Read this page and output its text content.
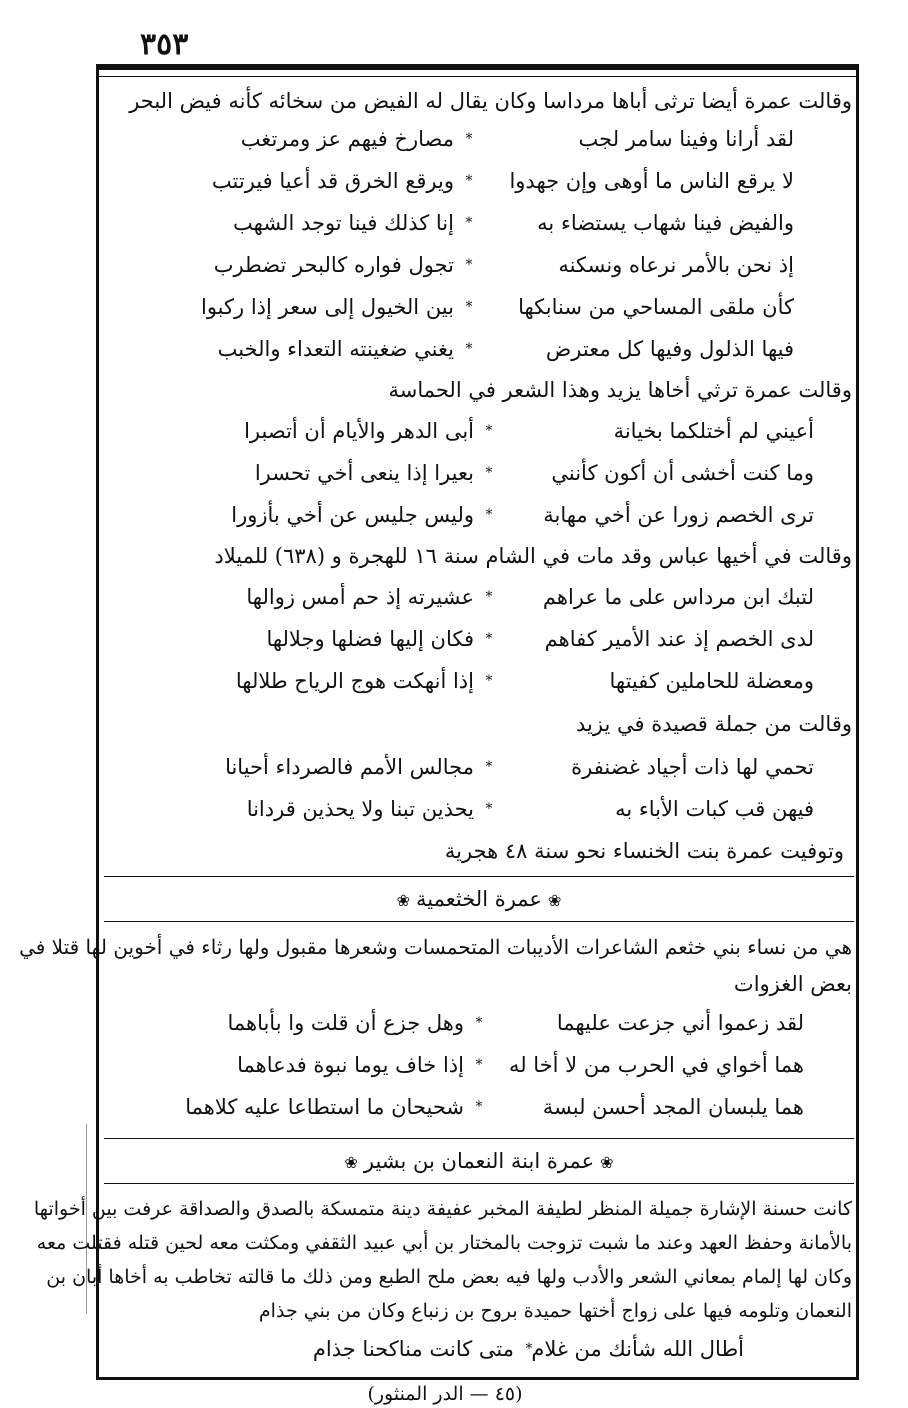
٣٥٣
وقالت عمرة أيضا ترثى أباها مرداسا وكان يقال له الفيض من سخائه كأنه فيض البحر
لقد أرانا وفينا سامر لجب
*
مصارخ فيهم عز ومرتغب
لا يرقع الناس ما أوهى وإن جهدوا
*
ويرقع الخرق قد أعيا فيرتتب
والفيض فينا شهاب يستضاء به
*
إنا كذلك فينا توجد الشهب
إذ نحن بالأمر نرعاه ونسكنه
*
تجول فواره كالبحر تضطرب
كأن ملقى المساحي من سنابكها
*
بين الخيول إلى سعر إذا ركبوا
فيها الذلول وفيها كل معترض
*
يغني ضغينته التعداء والخبب
وقالت عمرة ترثي أخاها يزيد وهذا الشعر في الحماسة
أعيني لم أختلكما بخيانة
*
أبى الدهر والأيام أن أتصبرا
وما كنت أخشى أن أكون كأنني
*
بعيرا إذا ينعى أخي تحسرا
ترى الخصم زورا عن أخي مهابة
*
وليس جليس عن أخي بأزورا
وقالت في أخيها عباس وقد مات في الشام سنة ١٦ للهجرة و (٦٣٨) للميلاد
لتبك ابن مرداس على ما عراهم
*
عشيرته إذ حم أمس زوالها
لدى الخصم إذ عند الأمير كفاهم
*
فكان إليها فضلها وجلالها
ومعضلة للحاملين كفيتها
*
إذا أنهكت هوج الرياح طلالها
وقالت من جملة قصيدة في يزيد
تحمي لها ذات أجياد غضنفرة
*
مجالس الأمم فالصرداء أحيانا
فيهن قب كبات الأباء به
*
يحذين تبنا ولا يحذين قردانا
وتوفيت عمرة بنت الخنساء نحو سنة ٤٨ هجرية
❀عمرة الخثعمية❀
هي من نساء بني خثعم الشاعرات الأديبات المتحمسات وشعرها مقبول ولها رثاء في أخوين لها قتلا في
بعض الغزوات
لقد زعموا أني جزعت عليهما
*
وهل جزع أن قلت وا بأباهما
هما أخواي في الحرب من لا أخا له
*
إذا خاف يوما نبوة فدعاهما
هما يلبسان المجد أحسن لبسة
*
شحيحان ما استطاعا عليه كلاهما
❀عمرة ابنة النعمان بن بشير❀
كانت حسنة الإشارة جميلة المنظر لطيفة المخبر عفيفة دينة متمسكة بالصدق والصداقة عرفت بين أخواتها
بالأمانة وحفظ العهد وعند ما شبت تزوجت بالمختار بن أبي عبيد الثقفي ومكثت معه لحين قتله فقتلت معه
وكان لها إلمام بمعاني الشعر والأدب ولها فيه بعض ملح الطبع ومن ذلك ما قالته تخاطب به أخاها أبان بن
النعمان وتلومه فيها على زواج أختها حميدة بروح بن زنباع وكان من بني جذام
أطال الله شأنك من غلام
*
متى كانت مناكحنا جذام
(٤٥ — الدر المنثور)
